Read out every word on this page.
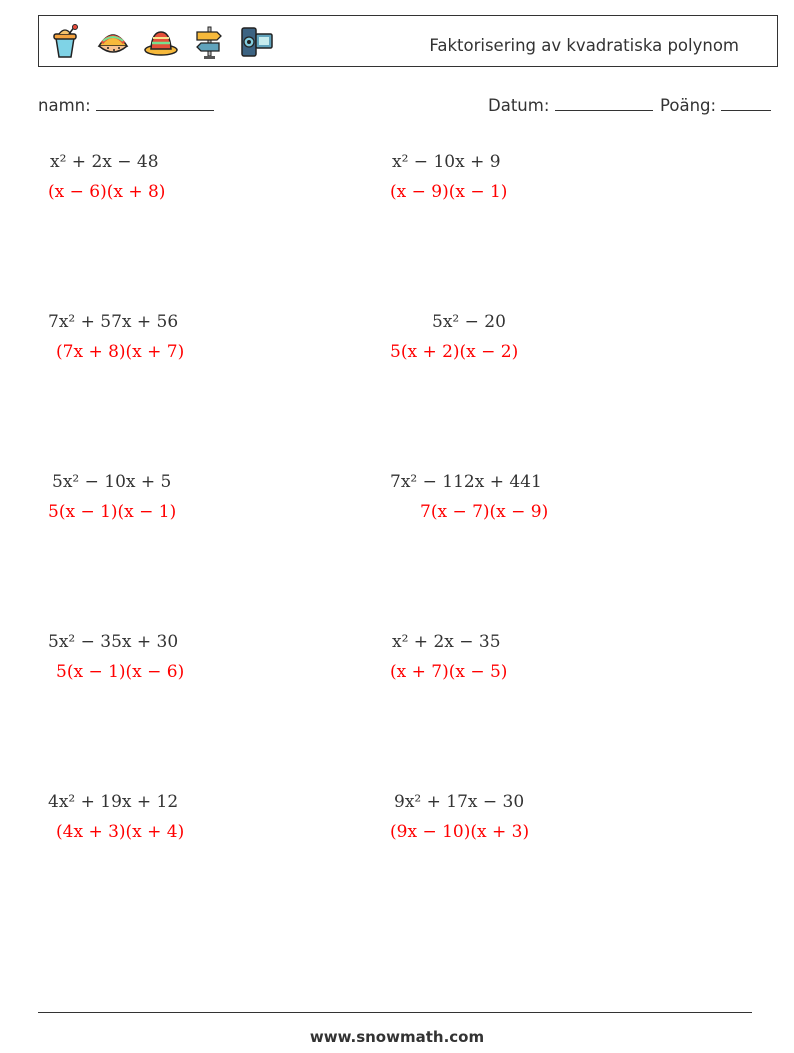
Faktorisering av kvadratiska polynom
namn:	Datum:	Poäng:
x² + 2x − 48
(x − 6)(x + 8)
x² − 10x + 9
(x − 9)(x − 1)
7x² + 57x + 56
(7x + 8)(x + 7)
5x² − 20
5(x + 2)(x − 2)
5x² − 10x + 5
5(x − 1)(x − 1)
7x² − 112x + 441
7(x − 7)(x − 9)
5x² − 35x + 30
5(x − 1)(x − 6)
x² + 2x − 35
(x + 7)(x − 5)
4x² + 19x + 12
(4x + 3)(x + 4)
9x² + 17x − 30
(9x − 10)(x + 3)
www.snowmath.com
